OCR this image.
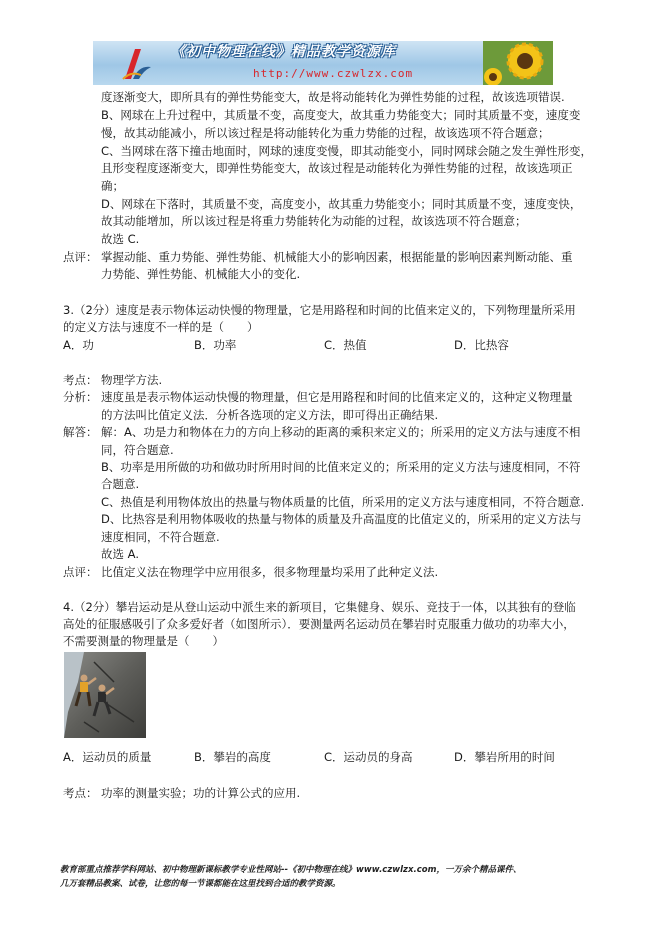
《初中物理在线》精品教学资源库
http://www.czwlzx.com
度逐渐变大，即所具有的弹性势能变大，故是将动能转化为弹性势能的过程，故该选项错误.
B、网球在上升过程中，其质量不变，高度变大，故其重力势能变大；同时其质量不变，速度变
慢，故其动能减小，所以该过程是将动能转化为重力势能的过程，故该选项不符合题意；
C、当网球在落下撞击地面时，网球的速度变慢，即其动能变小，同时网球会随之发生弹性形变，
且形变程度逐渐变大，即弹性势能变大，故该过程是动能转化为弹性势能的过程，故该选项正
确；
D、网球在下落时，其质量不变，高度变小，故其重力势能变小；同时其质量不变，速度变快，
故其动能增加，所以该过程是将重力势能转化为动能的过程，故该选项不符合题意；
故选 C.
点评： 掌握动能、重力势能、弹性势能、机械能大小的影响因素，根据能量的影响因素判断动能、重
力势能、弹性势能、机械能大小的变化.
3.（2分）速度是表示物体运动快慢的物理量，它是用路程和时间的比值来定义的，下列物理量所采用
的定义方法与速度不一样的是（　　）
A．功	B．功率	C．热值	D．比热容
考点： 物理学方法.
分析： 速度虽是表示物体运动快慢的物理量，但它是用路程和时间的比值来定义的，这种定义物理量
的方法叫比值定义法．分析各选项的定义方法，即可得出正确结果.
解答： 解：A、功是力和物体在力的方向上移动的距离的乘积来定义的；所采用的定义方法与速度不相
同，符合题意.
B、功率是用所做的功和做功时所用时间的比值来定义的；所采用的定义方法与速度相同，不符
合题意.
C、热值是利用物体放出的热量与物体质量的比值，所采用的定义方法与速度相同，不符合题意.
D、比热容是利用物体吸收的热量与物体的质量及升高温度的比值定义的，所采用的定义方法与
速度相同，不符合题意.
故选 A.
点评： 比值定义法在物理学中应用很多，很多物理量均采用了此种定义法.
4.（2分）攀岩运动是从登山运动中派生来的新项目，它集健身、娱乐、竞技于一体，以其独有的登临
高处的征服感吸引了众多爱好者（如图所示）．要测量两名运动员在攀岩时克服重力做功的功率大小，
不需要测量的物理量是（　　）
A．运动员的质量	B．攀岩的高度	C．运动员的身高	D．攀岩所用的时间
考点： 功率的测量实验；功的计算公式的应用.
教育部重点推荐学科网站、初中物理新课标教学专业性网站--《初中物理在线》www.czwlzx.com，一万余个精品课件、
几万套精品教案、试卷，让您的每一节课都能在这里找到合适的教学资源。
